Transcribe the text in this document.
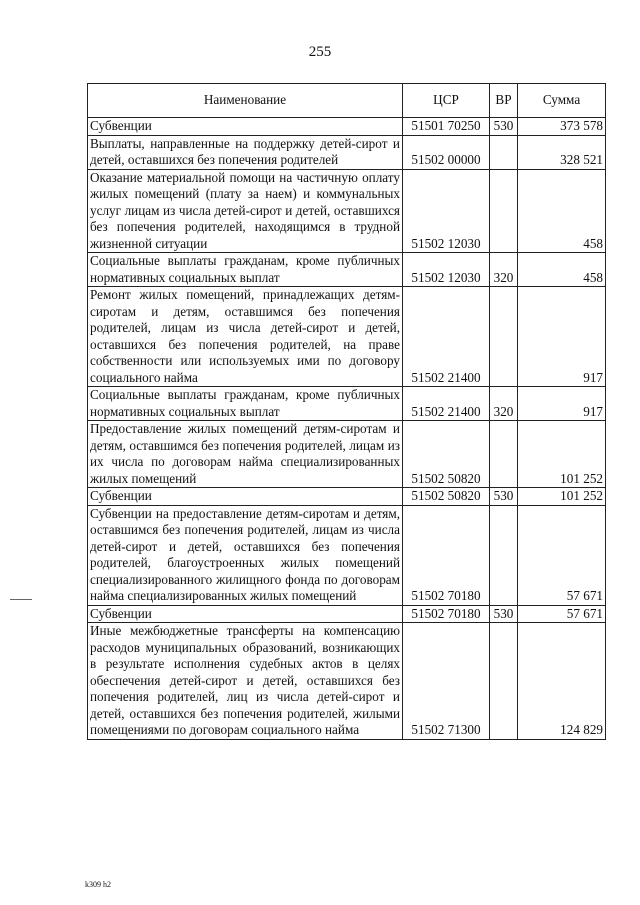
255
Наименование	ЦСР	ВР	Сумма
Субвенции	51501 70250	530	373 578
Выплаты, направленные на поддержку детей-сирот и детей, оставшихся без попечения родителей	51502 00000		328 521
Оказание материальной помощи на частичную оплату жилых помещений (плату за наем) и коммунальных услуг лицам из числа детей-сирот и детей, оставшихся без попечения родителей, находящимся в трудной жизненной ситуации	51502 12030		458
Социальные выплаты гражданам, кроме публичных нормативных социальных выплат	51502 12030	320	458
Ремонт жилых помещений, принадлежащих детям-сиротам и детям, оставшимся без попечения родителей, лицам из числа детей-сирот и детей, оставшихся без попечения родителей, на праве собственности или используемых ими по договору социального найма	51502 21400		917
Социальные выплаты гражданам, кроме публичных нормативных социальных выплат	51502 21400	320	917
Предоставление жилых помещений детям-сиротам и детям, оставшимся без попечения родителей, лицам из их числа по договорам найма специализированных жилых помещений	51502 50820		101 252
Субвенции	51502 50820	530	101 252
Субвенции на предоставление детям-сиротам и детям, оставшимся без попечения родителей, лицам из числа детей-сирот и детей, оставшихся без попечения родителей, благоустроенных жилых помещений специализированного жилищного фонда по договорам найма специализированных жилых помещений	51502 70180		57 671
Субвенции	51502 70180	530	57 671
Иные межбюджетные трансферты на компенсацию расходов муниципальных образований, возникающих в результате исполнения судебных актов в целях обеспечения детей-сирот и детей, оставшихся без попечения родителей, лиц из числа детей-сирот и детей, оставшихся без попечения родителей, жилыми помещениями по договорам социального найма	51502 71300		124 829
k309 h2
